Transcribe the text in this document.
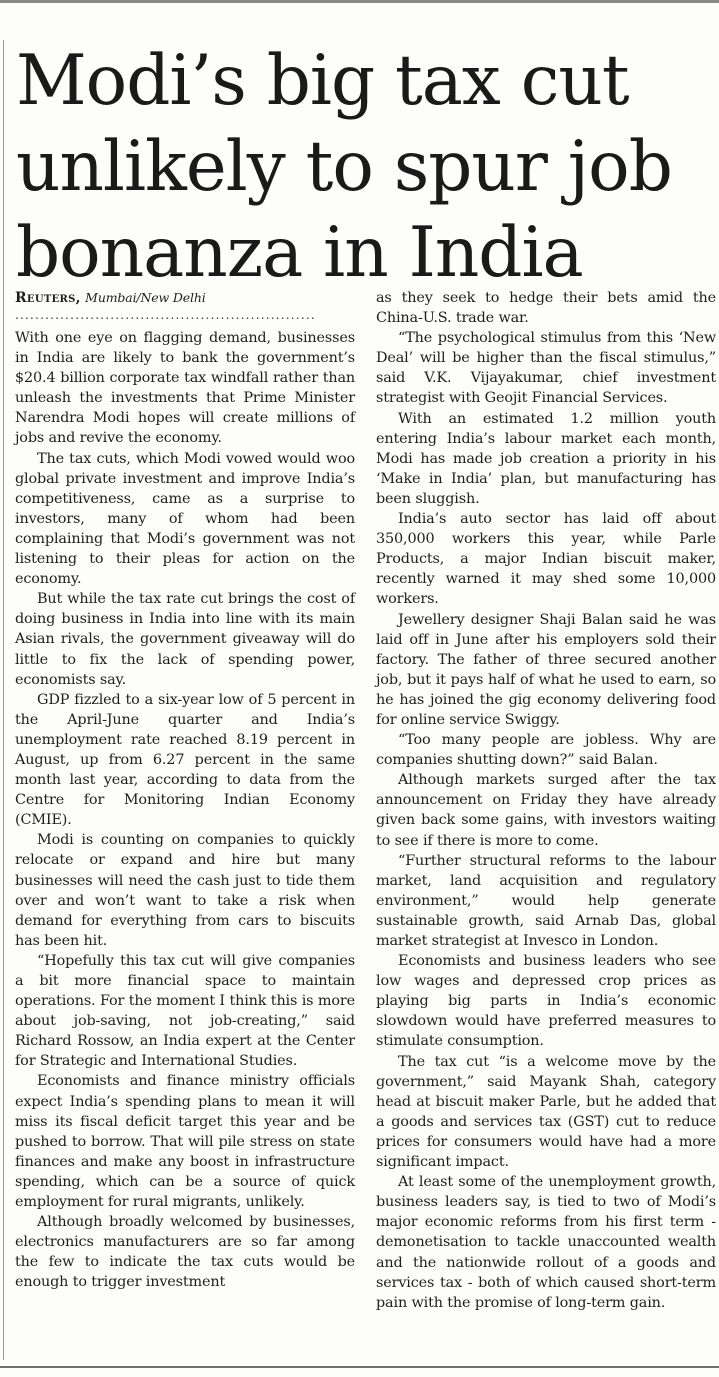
Modi’s big tax cut
unlikely to spur job
bonanza in India
Reuters, Mumbai/New Delhi
............................................................

With one eye on flagging demand, businesses in India are likely to bank the government’s $20.4 billion corporate tax windfall rather than unleash the investments that Prime Minister Narendra Modi hopes will create millions of jobs and revive the economy.

The tax cuts, which Modi vowed would woo global private investment and improve India’s competitiveness, came as a surprise to investors, many of whom had been complaining that Modi’s government was not listening to their pleas for action on the economy.

But while the tax rate cut brings the cost of doing business in India into line with its main Asian rivals, the government giveaway will do little to fix the lack of spending power, economists say.

GDP fizzled to a six-year low of 5 percent in the April-June quarter and India’s unemployment rate reached 8.19 percent in August, up from 6.27 percent in the same month last year, according to data from the Centre for Monitoring Indian Economy (CMIE).

Modi is counting on companies to quickly relocate or expand and hire but many businesses will need the cash just to tide them over and won’t want to take a risk when demand for everything from cars to biscuits has been hit.

“Hopefully this tax cut will give companies a bit more financial space to maintain operations. For the moment I think this is more about job-saving, not job-creating,” said Richard Rossow, an India expert at the Center for Strategic and International Studies.

Economists and finance ministry officials expect India’s spending plans to mean it will miss its fiscal deficit target this year and be pushed to borrow. That will pile stress on state finances and make any boost in infrastructure spending, which can be a source of quick employment for rural migrants, unlikely.

Although broadly welcomed by businesses, electronics manufacturers are so far among the few to indicate the tax cuts would be enough to trigger investment

as they seek to hedge their bets amid the China-U.S. trade war.

“The psychological stimulus from this ‘New Deal’ will be higher than the fiscal stimulus,” said V.K. Vijayakumar, chief investment strategist with Geojit Financial Services.

With an estimated 1.2 million youth entering India’s labour market each month, Modi has made job creation a priority in his ‘Make in India’ plan, but manufacturing has been sluggish.

India’s auto sector has laid off about 350,000 workers this year, while Parle Products, a major Indian biscuit maker, recently warned it may shed some 10,000 workers.

Jewellery designer Shaji Balan said he was laid off in June after his employers sold their factory. The father of three secured another job, but it pays half of what he used to earn, so he has joined the gig economy delivering food for online service Swiggy.

“Too many people are jobless. Why are companies shutting down?” said Balan.

Although markets surged after the tax announcement on Friday they have already given back some gains, with investors waiting to see if there is more to come.

“Further structural reforms to the labour market, land acquisition and regulatory environment,” would help generate sustainable growth, said Arnab Das, global market strategist at Invesco in London.

Economists and business leaders who see low wages and depressed crop prices as playing big parts in India’s economic slowdown would have preferred measures to stimulate consumption.

The tax cut “is a welcome move by the government,” said Mayank Shah, category head at biscuit maker Parle, but he added that a goods and services tax (GST) cut to reduce prices for consumers would have had a more significant impact.

At least some of the unemployment growth, business leaders say, is tied to two of Modi’s major economic reforms from his first term - demonetisation to tackle unaccounted wealth and the nationwide rollout of a goods and services tax - both of which caused short-term pain with the promise of long-term gain.
